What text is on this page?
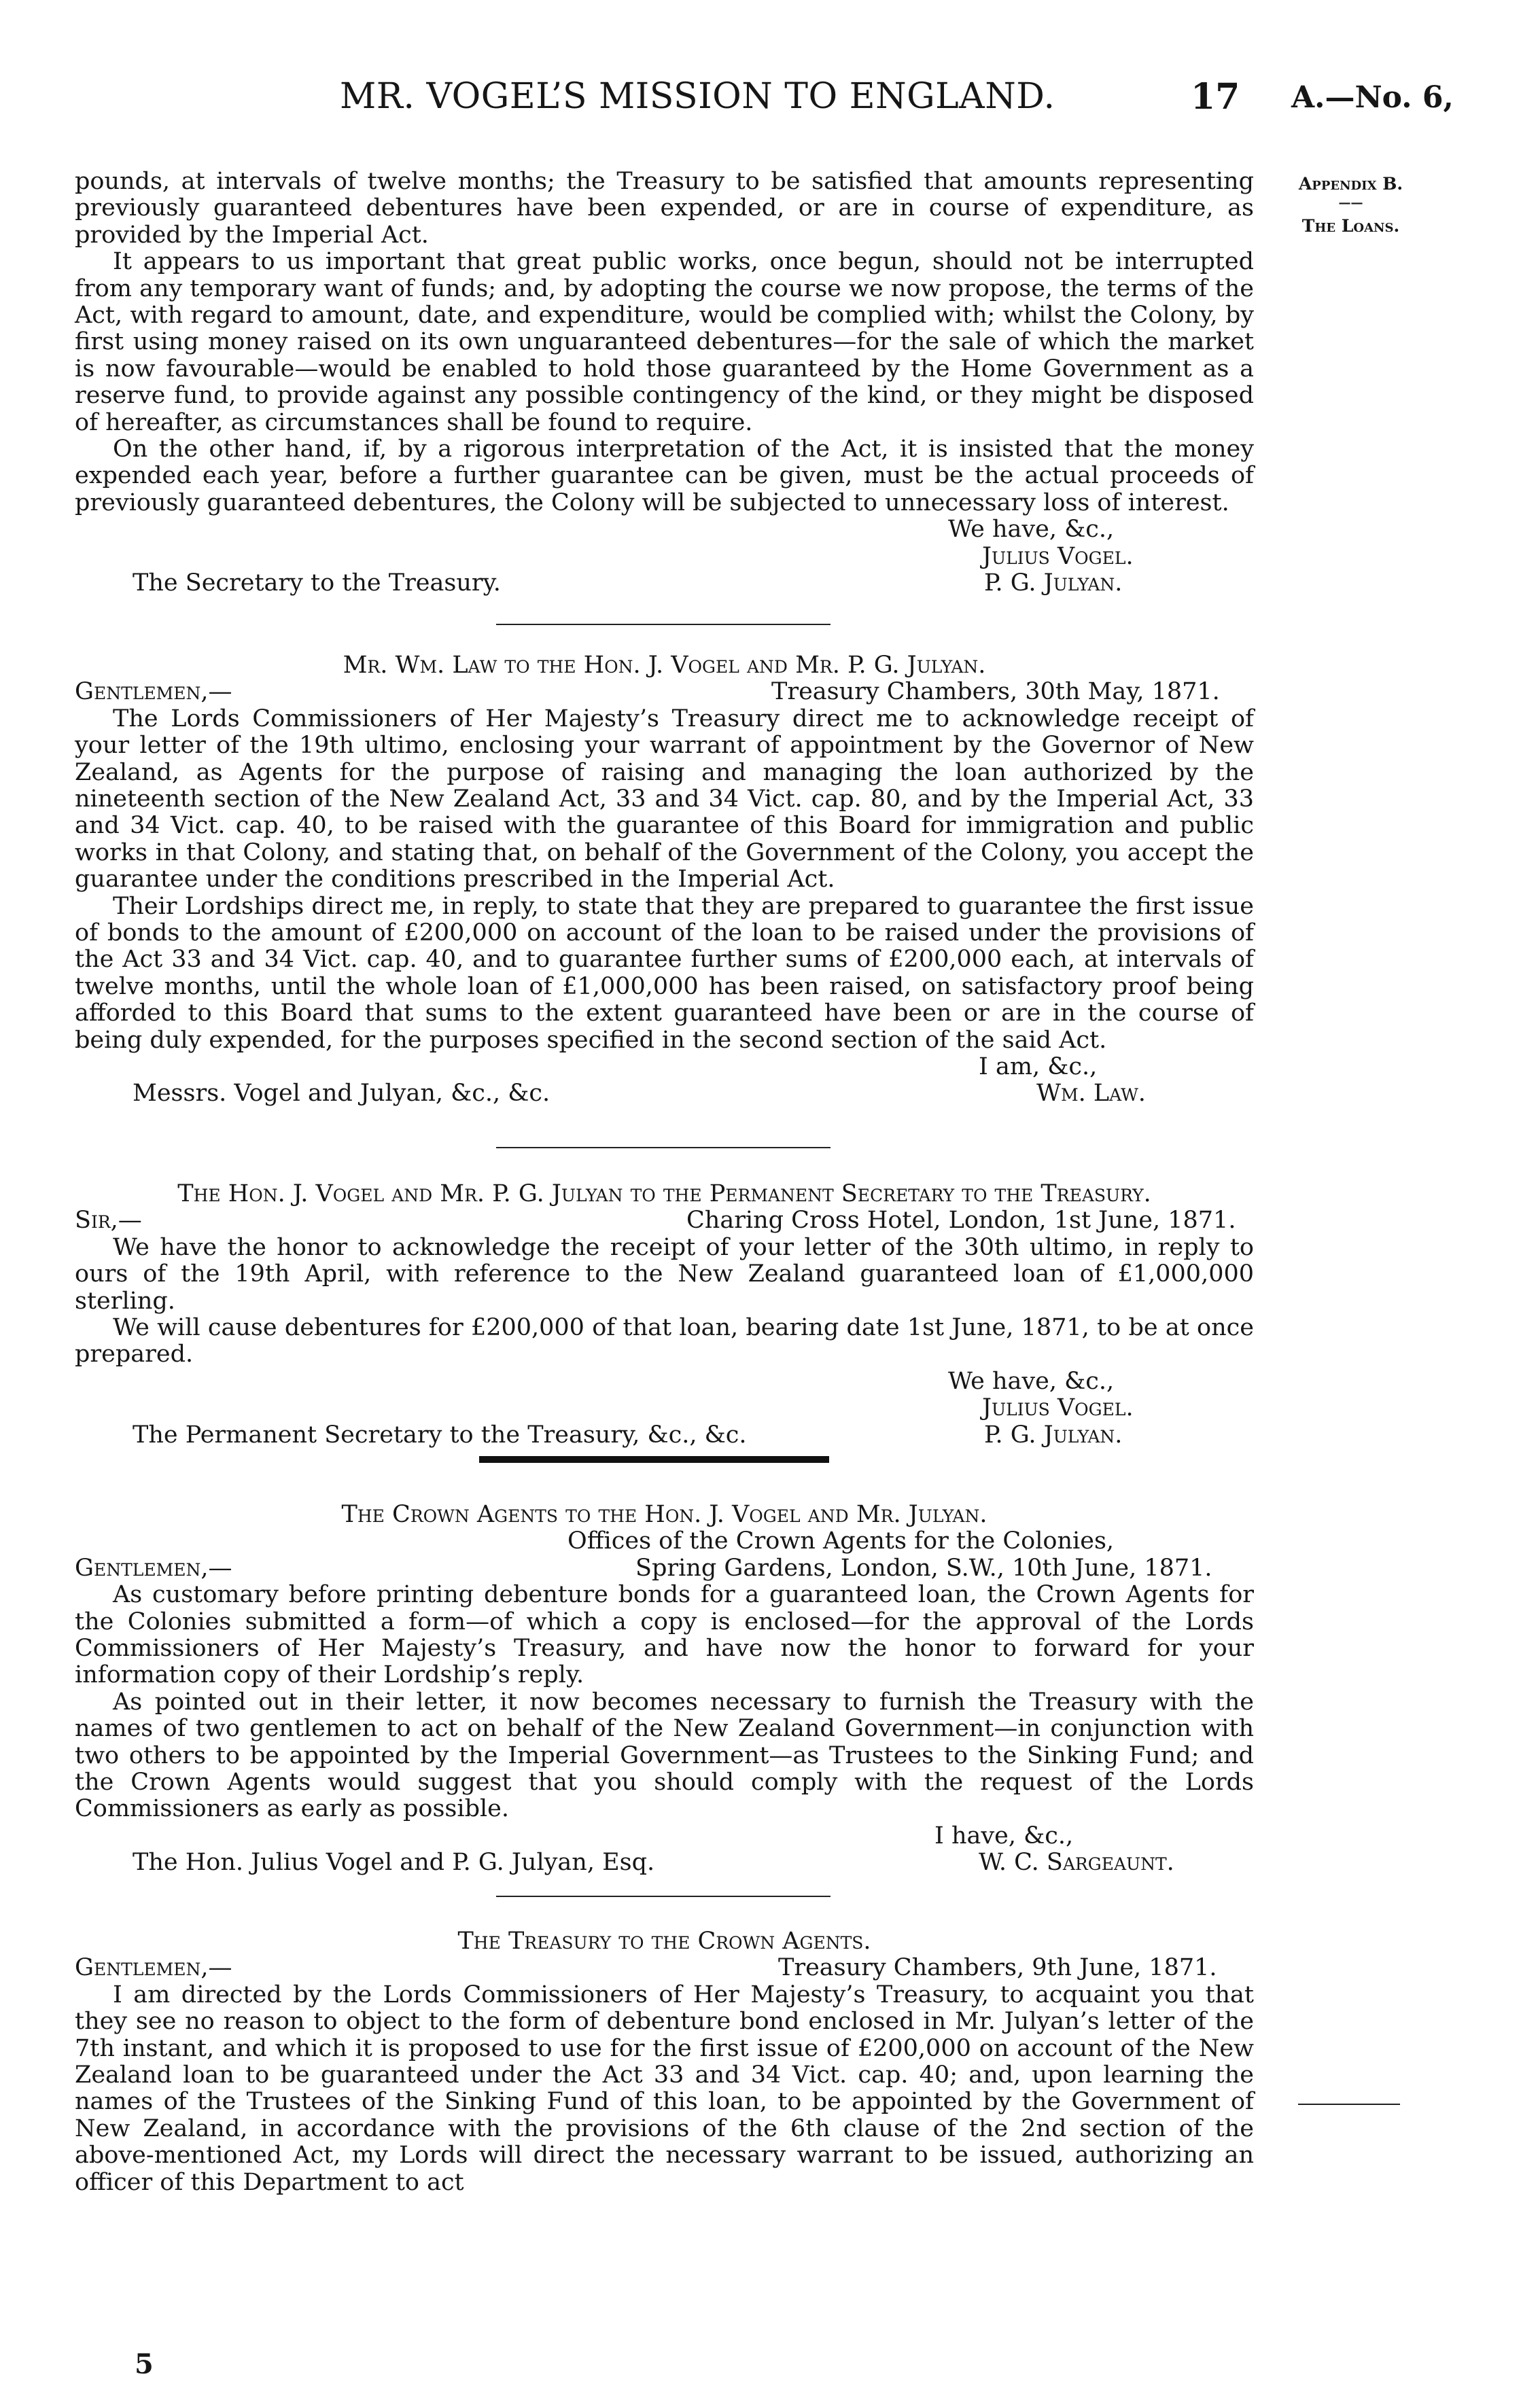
MR. VOGEL’S MISSION TO ENGLAND.	17 A.—No. 6,
Appendix B.
——
The Loans.

pounds, at intervals of twelve months; the Treasury to be satisfied that amounts representing previously guaranteed debentures have been expended, or are in course of expenditure, as provided by the Imperial Act.

It appears to us important that great public works, once begun, should not be interrupted from any temporary want of funds; and, by adopting the course we now propose, the terms of the Act, with regard to amount, date, and expenditure, would be complied with; whilst the Colony, by first using money raised on its own unguaranteed debentures—for the sale of which the market is now favourable—would be enabled to hold those guaranteed by the Home Government as a reserve fund, to provide against any possible contingency of the kind, or they might be disposed of hereafter, as circumstances shall be found to require.

On the other hand, if, by a rigorous interpretation of the Act, it is insisted that the money expended each year, before a further guarantee can be given, must be the actual proceeds of previously guaranteed debentures, the Colony will be subjected to unnecessary loss of interest.

We have, &c.,
Julius Vogel.
The Secretary to the Treasury.	P. G. Julyan.
Mr. Wm. Law to the Hon. J. Vogel and Mr. P. G. Julyan.
Gentlemen,—	Treasury Chambers, 30th May, 1871.

The Lords Commissioners of Her Majesty’s Treasury direct me to acknowledge receipt of your letter of the 19th ultimo, enclosing your warrant of appointment by the Governor of New Zealand, as Agents for the purpose of raising and managing the loan authorized by the nineteenth section of the New Zealand Act, 33 and 34 Vict. cap. 80, and by the Imperial Act, 33 and 34 Vict. cap. 40, to be raised with the guarantee of this Board for immigration and public works in that Colony, and stating that, on behalf of the Government of the Colony, you accept the guarantee under the conditions prescribed in the Imperial Act.

Their Lordships direct me, in reply, to state that they are prepared to guarantee the first issue of bonds to the amount of £200,000 on account of the loan to be raised under the provisions of the Act 33 and 34 Vict. cap. 40, and to guarantee further sums of £200,000 each, at intervals of twelve months, until the whole loan of £1,000,000 has been raised, on satisfactory proof being afforded to this Board that sums to the extent guaranteed have been or are in the course of being duly expended, for the purposes specified in the second section of the said Act.

I am, &c.,
Messrs. Vogel and Julyan, &c., &c.	Wm. Law.
The Hon. J. Vogel and Mr. P. G. Julyan to the Permanent Secretary to the Treasury.
Sir,—	Charing Cross Hotel, London, 1st June, 1871.

We have the honor to acknowledge the receipt of your letter of the 30th ultimo, in reply to ours of the 19th April, with reference to the New Zealand guaranteed loan of £1,000,000 sterling.

We will cause debentures for £200,000 of that loan, bearing date 1st June, 1871, to be at once prepared.

We have, &c.,
Julius Vogel.
The Permanent Secretary to the Treasury, &c., &c.	P. G. Julyan.
The Crown Agents to the Hon. J. Vogel and Mr. Julyan.
Offices of the Crown Agents for the Colonies,
Gentlemen,—	Spring Gardens, London, S.W., 10th June, 1871.

As customary before printing debenture bonds for a guaranteed loan, the Crown Agents for the Colonies submitted a form—of which a copy is enclosed—for the approval of the Lords Commissioners of Her Majesty’s Treasury, and have now the honor to forward for your information copy of their Lordship’s reply.

As pointed out in their letter, it now becomes necessary to furnish the Treasury with the names of two gentlemen to act on behalf of the New Zealand Government—in conjunction with two others to be appointed by the Imperial Government—as Trustees to the Sinking Fund; and the Crown Agents would suggest that you should comply with the request of the Lords Commissioners as early as possible.

I have, &c.,
The Hon. Julius Vogel and P. G. Julyan, Esq.	W. C. Sargeaunt.
The Treasury to the Crown Agents.
Gentlemen,—	Treasury Chambers, 9th June, 1871.

I am directed by the Lords Commissioners of Her Majesty’s Treasury, to acquaint you that they see no reason to object to the form of debenture bond enclosed in Mr. Julyan’s letter of the 7th instant, and which it is proposed to use for the first issue of £200,000 on account of the New Zealand loan to be guaranteed under the Act 33 and 34 Vict. cap. 40; and, upon learning the names of the Trustees of the Sinking Fund of this loan, to be appointed by the Government of New Zealand, in accordance with the provisions of the 6th clause of the 2nd section of the above-mentioned Act, my Lords will direct the necessary warrant to be issued, authorizing an officer of this Department to act

5
